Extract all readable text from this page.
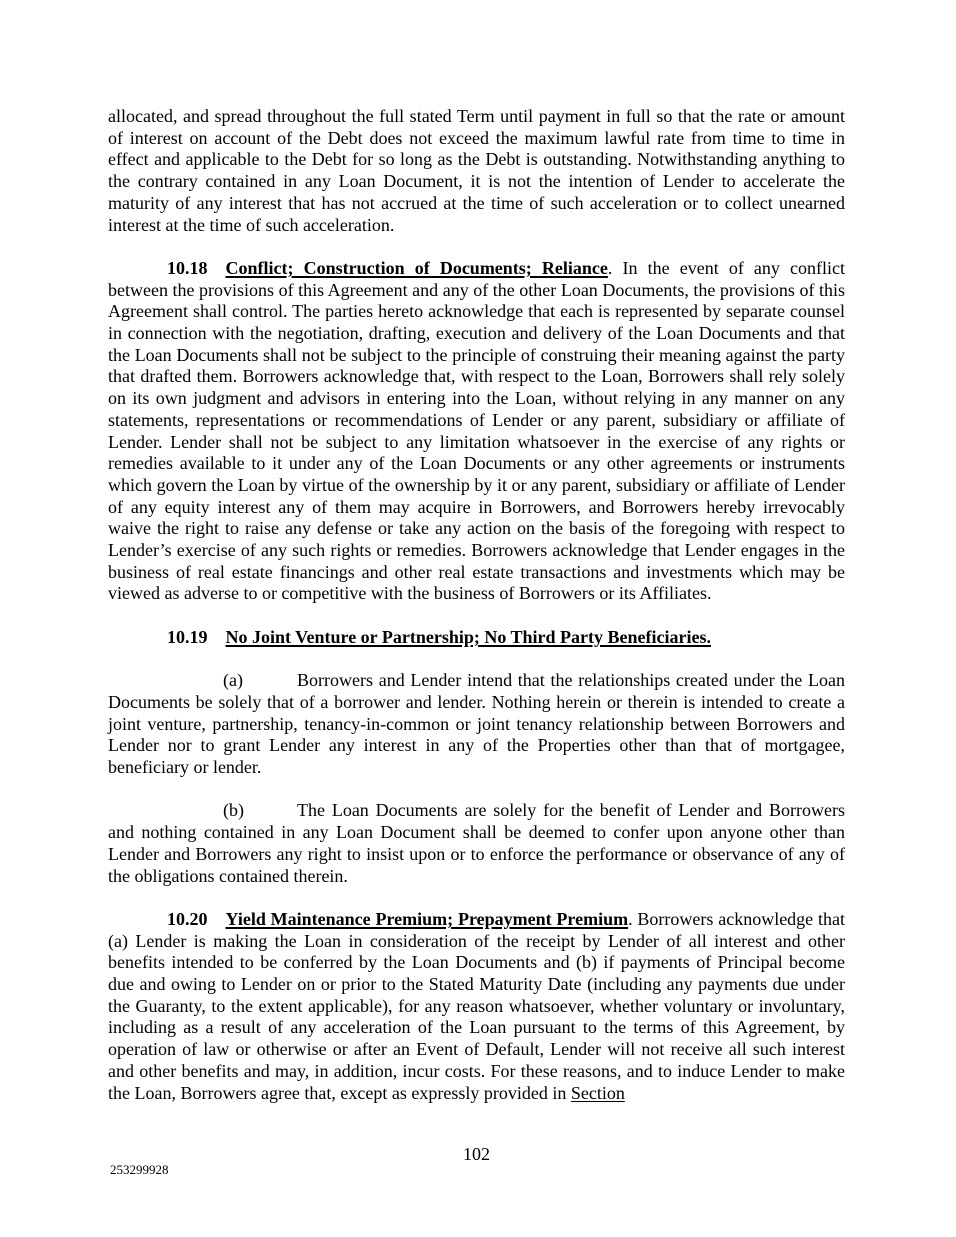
allocated, and spread throughout the full stated Term until payment in full so that the rate or amount of interest on account of the Debt does not exceed the maximum lawful rate from time to time in effect and applicable to the Debt for so long as the Debt is outstanding. Notwithstanding anything to the contrary contained in any Loan Document, it is not the intention of Lender to accelerate the maturity of any interest that has not accrued at the time of such acceleration or to collect unearned interest at the time of such acceleration.

10.18 Conflict; Construction of Documents; Reliance. In the event of any conflict between the provisions of this Agreement and any of the other Loan Documents, the provisions of this Agreement shall control. The parties hereto acknowledge that each is represented by separate counsel in connection with the negotiation, drafting, execution and delivery of the Loan Documents and that the Loan Documents shall not be subject to the principle of construing their meaning against the party that drafted them. Borrowers acknowledge that, with respect to the Loan, Borrowers shall rely solely on its own judgment and advisors in entering into the Loan, without relying in any manner on any statements, representations or recommendations of Lender or any parent, subsidiary or affiliate of Lender. Lender shall not be subject to any limitation whatsoever in the exercise of any rights or remedies available to it under any of the Loan Documents or any other agreements or instruments which govern the Loan by virtue of the ownership by it or any parent, subsidiary or affiliate of Lender of any equity interest any of them may acquire in Borrowers, and Borrowers hereby irrevocably waive the right to raise any defense or take any action on the basis of the foregoing with respect to Lender’s exercise of any such rights or remedies. Borrowers acknowledge that Lender engages in the business of real estate financings and other real estate transactions and investments which may be viewed as adverse to or competitive with the business of Borrowers or its Affiliates.

10.19 No Joint Venture or Partnership; No Third Party Beneficiaries.

(a)	Borrowers and Lender intend that the relationships created under the Loan Documents be solely that of a borrower and lender. Nothing herein or therein is intended to create a joint venture, partnership, tenancy-in-common or joint tenancy relationship between Borrowers and Lender nor to grant Lender any interest in any of the Properties other than that of mortgagee, beneficiary or lender.

(b)	The Loan Documents are solely for the benefit of Lender and Borrowers and nothing contained in any Loan Document shall be deemed to confer upon anyone other than Lender and Borrowers any right to insist upon or to enforce the performance or observance of any of the obligations contained therein.

10.20 Yield Maintenance Premium; Prepayment Premium. Borrowers acknowledge that (a) Lender is making the Loan in consideration of the receipt by Lender of all interest and other benefits intended to be conferred by the Loan Documents and (b) if payments of Principal become due and owing to Lender on or prior to the Stated Maturity Date (including any payments due under the Guaranty, to the extent applicable), for any reason whatsoever, whether voluntary or involuntary, including as a result of any acceleration of the Loan pursuant to the terms of this Agreement, by operation of law or otherwise or after an Event of Default, Lender will not receive all such interest and other benefits and may, in addition, incur costs. For these reasons, and to induce Lender to make the Loan, Borrowers agree that, except as expressly provided in Section

102
253299928
